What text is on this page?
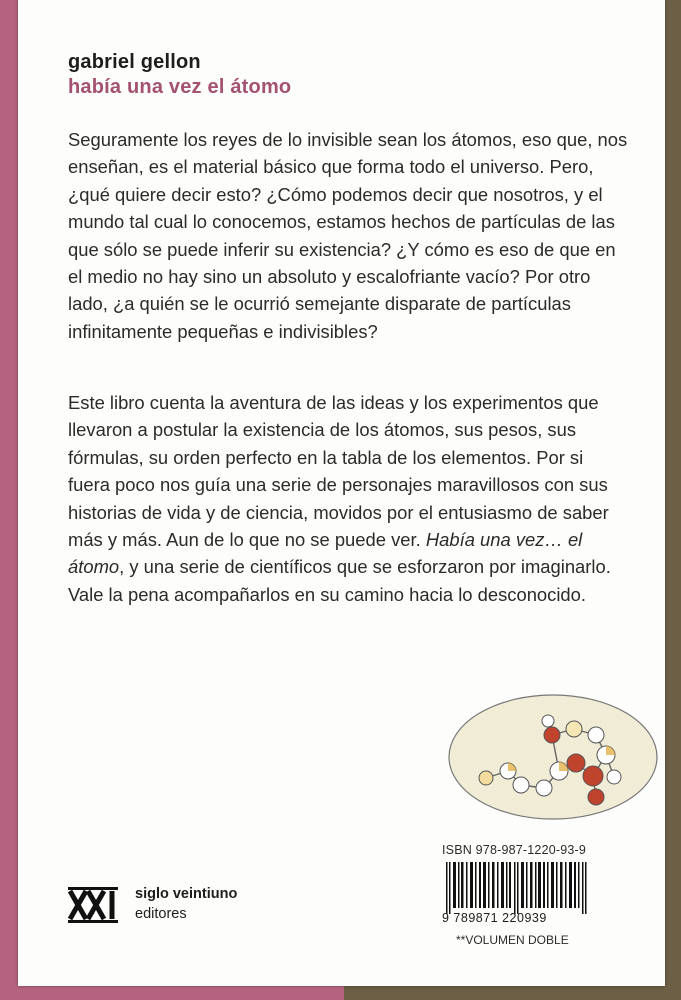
gabriel gellon
había una vez el átomo
Seguramente los reyes de lo invisible sean los átomos, eso que, nos enseñan, es el material básico que forma todo el universo. Pero, ¿qué quiere decir esto? ¿Cómo podemos decir que nosotros, y el mundo tal cual lo conocemos, estamos hechos de partículas de las que sólo se puede inferir su existencia? ¿Y cómo es eso de que en el medio no hay sino un absoluto y escalofriante vacío? Por otro lado, ¿a quién se le ocurrió semejante disparate de partículas infinitamente pequeñas e indivisibles?
Este libro cuenta la aventura de las ideas y los experimentos que llevaron a postular la existencia de los átomos, sus pesos, sus fórmulas, su orden perfecto en la tabla de los elementos. Por si fuera poco nos guía una serie de personajes maravillosos con sus historias de vida y de ciencia, movidos por el entusiasmo de saber más y más. Aun de lo que no se puede ver. Había una vez… el átomo, y una serie de científicos que se esforzaron por imaginarlo. Vale la pena acompañarlos en su camino hacia lo desconocido.
ISBN 978-987-1220-93-9
9 789871 220939
**VOLUMEN DOBLE
siglo veintiuno
editores
